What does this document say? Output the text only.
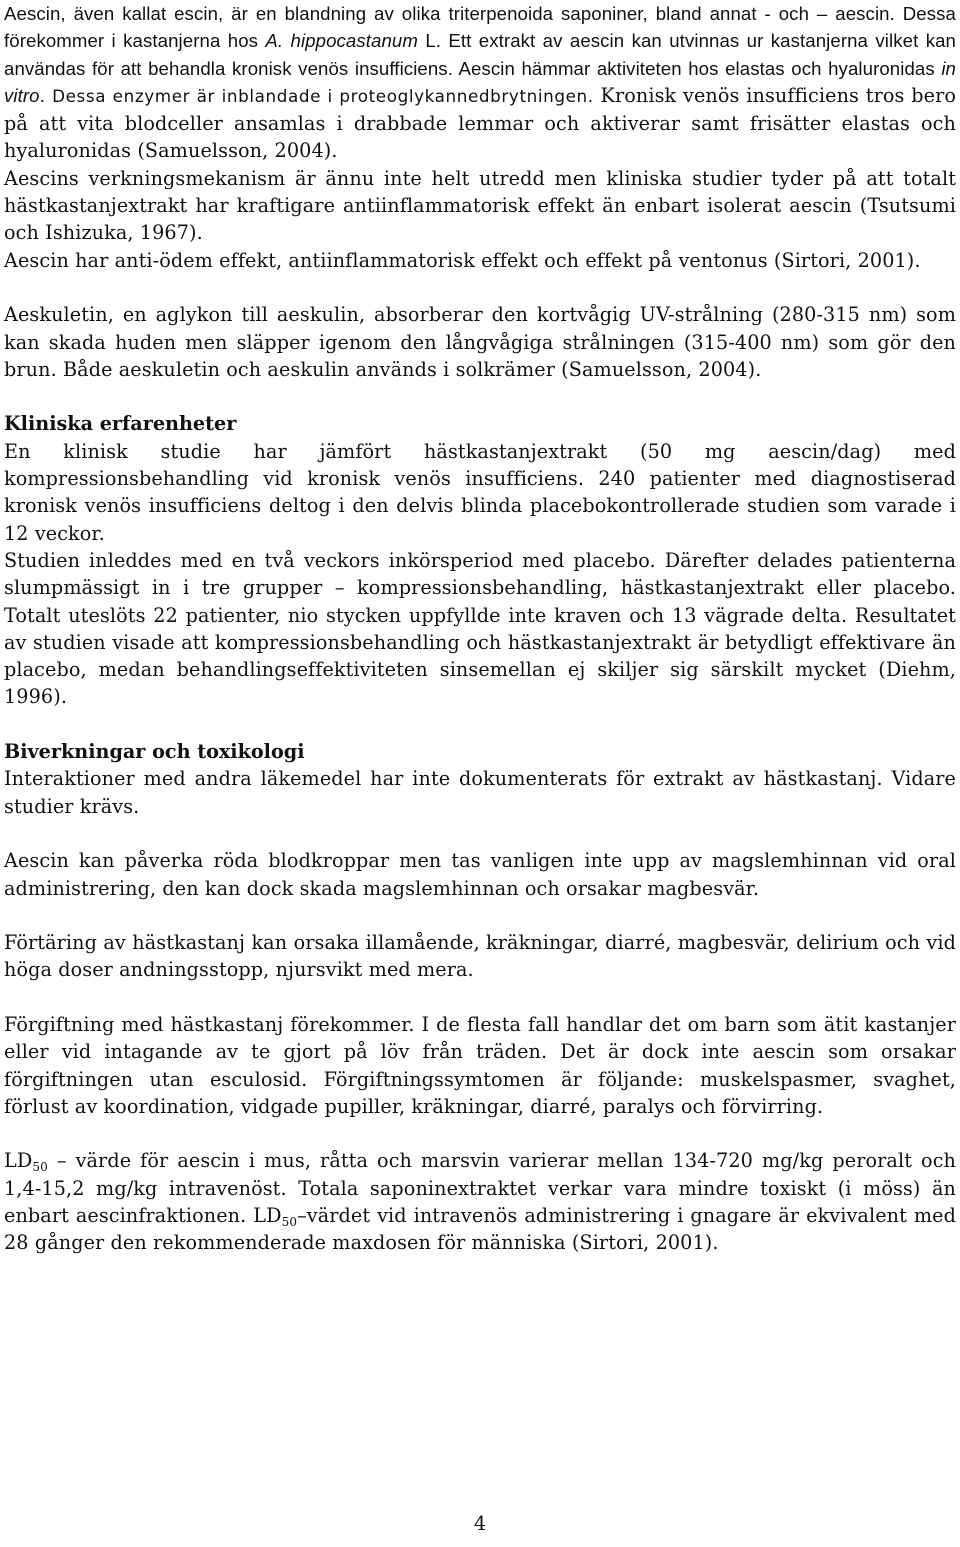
Aescin, även kallat escin, är en blandning av olika triterpenoida saponiner, bland annat - och – aescin. Dessa förekommer i kastanjerna hos A. hippocastanum L. Ett extrakt av aescin kan utvinnas ur kastanjerna vilket kan användas för att behandla kronisk venös insufficiens. Aescin hämmar aktiviteten hos elastas och hyaluronidas in vitro. Dessa enzymer är inblandade i proteoglykannedbrytningen. Kronisk venös insufficiens tros bero på att vita blodceller ansamlas i drabbade lemmar och aktiverar samt frisätter elastas och hyaluronidas (Samuelsson, 2004).

Aescins verkningsmekanism är ännu inte helt utredd men kliniska studier tyder på att totalt hästkastanjextrakt har kraftigare antiinflammatorisk effekt än enbart isolerat aescin (Tsutsumi och Ishizuka, 1967).

Aescin har anti-ödem effekt, antiinflammatorisk effekt och effekt på ventonus (Sirtori, 2001).

Aeskuletin, en aglykon till aeskulin, absorberar den kortvågig UV-strålning (280-315 nm) som kan skada huden men släpper igenom den långvågiga strålningen (315-400 nm) som gör den brun. Både aeskuletin och aeskulin används i solkrämer (Samuelsson, 2004).

Kliniska erfarenheter

En klinisk studie har jämfört hästkastanjextrakt (50 mg aescin/dag) med kompressionsbehandling vid kronisk venös insufficiens. 240 patienter med diagnostiserad kronisk venös insufficiens deltog i den delvis blinda placebokontrollerade studien som varade i 12 veckor.

Studien inleddes med en två veckors inkörsperiod med placebo. Därefter delades patienterna slumpmässigt in i tre grupper – kompressionsbehandling, hästkastanjextrakt eller placebo. Totalt uteslöts 22 patienter, nio stycken uppfyllde inte kraven och 13 vägrade delta. Resultatet av studien visade att kompressionsbehandling och hästkastanjextrakt är betydligt effektivare än placebo, medan behandlingseffektiviteten sinsemellan ej skiljer sig särskilt mycket (Diehm, 1996).

Biverkningar och toxikologi

Interaktioner med andra läkemedel har inte dokumenterats för extrakt av hästkastanj. Vidare studier krävs.

Aescin kan påverka röda blodkroppar men tas vanligen inte upp av magslemhinnan vid oral administrering, den kan dock skada magslemhinnan och orsakar magbesvär.

Förtäring av hästkastanj kan orsaka illamående, kräkningar, diarré, magbesvär, delirium och vid höga doser andningsstopp, njursvikt med mera.

Förgiftning med hästkastanj förekommer. I de flesta fall handlar det om barn som ätit kastanjer eller vid intagande av te gjort på löv från träden. Det är dock inte aescin som orsakar förgiftningen utan esculosid. Förgiftningssymtomen är följande: muskelspasmer, svaghet, förlust av koordination, vidgade pupiller, kräkningar, diarré, paralys och förvirring.

$LD_{50}$ – värde för aescin i mus, råtta och marsvin varierar mellan 134-720 mg/kg peroralt och 1,4-15,2 mg/kg intravenöst. Totala saponinextraktet verkar vara mindre toxiskt (i möss) än enbart aescinfraktionen. $LD_{50}$–värdet vid intravenös administrering i gnagare är ekvivalent med 28 gånger den rekommenderade maxdosen för människa (Sirtori, 2001).

4
